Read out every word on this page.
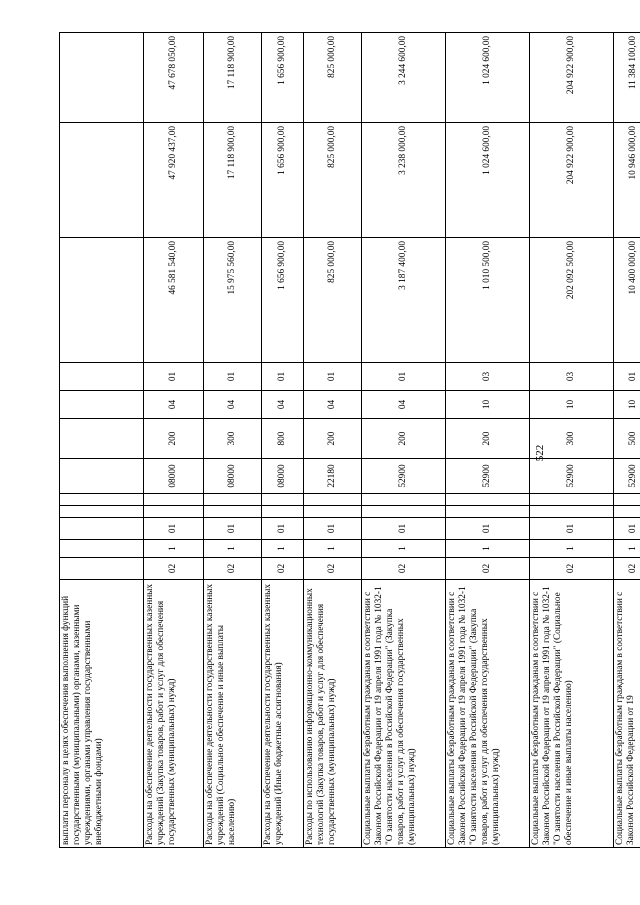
522
выплаты персоналу в целях обеспечения выполнения функций государственными (муниципальными) органами, казенными учреждениями, органами управления государственными внебюджетными фондами)												
Расходы на обеспечение деятельности государственных казенных учреждений (Закупка товаров, работ и услуг для обеспечения государственных (муниципальных) нужд)	02	1	01			08000	200	04	01	46 581 540,00	47 920 437,00	47 678 050,00
Расходы на обеспечение деятельности государственных казенных учреждений (Социальное обеспечение и иные выплаты населению)	02	1	01			08000	300	04	01	15 975 560,00	17 118 900,00	17 118 900,00
Расходы на обеспечение деятельности государственных казенных учреждений (Иные бюджетные ассигнования)	02	1	01			08000	800	04	01	1 656 900,00	1 656 900,00	1 656 900,00
Расходы по использованию информационно-коммуникационных технологий (Закупка товаров, работ и услуг для обеспечения государственных (муниципальных) нужд)	02	1	01			22180	200	04	01	825 000,00	825 000,00	825 000,00
Социальные выплаты безработным гражданам в соответствии с Законом Российской Федерации от 19 апреля 1991 года № 1032-1 "О занятости населения в Российской Федерации" (Закупка товаров, работ и услуг для обеспечения государственных (муниципальных) нужд)	02	1	01			52900	200	04	01	3 187 400,00	3 238 000,00	3 244 600,00
Социальные выплаты безработным гражданам в соответствии с Законом Российской Федерации от 19 апреля 1991 года № 1032-1 "О занятости населения в Российской Федерации" (Закупка товаров, работ и услуг для обеспечения государственных (муниципальных) нужд)	02	1	01			52900	200	10	03	1 010 500,00	1 024 600,00	1 024 600,00
Социальные выплаты безработным гражданам в соответствии с Законом Российской Федерации от 19 апреля 1991 года № 1032-1 "О занятости населения в Российской Федерации" (Социальное обеспечение и иные выплаты населению)	02	1	01			52900	300	10	03	202 092 500,00	204 922 900,00	204 922 900,00
Социальные выплаты безработным гражданам в соответствии с Законом Российской Федерации от 19	02	1	01			52900	500	10	01	10 400 000,00	10 946 000,00	11 384 100,00
